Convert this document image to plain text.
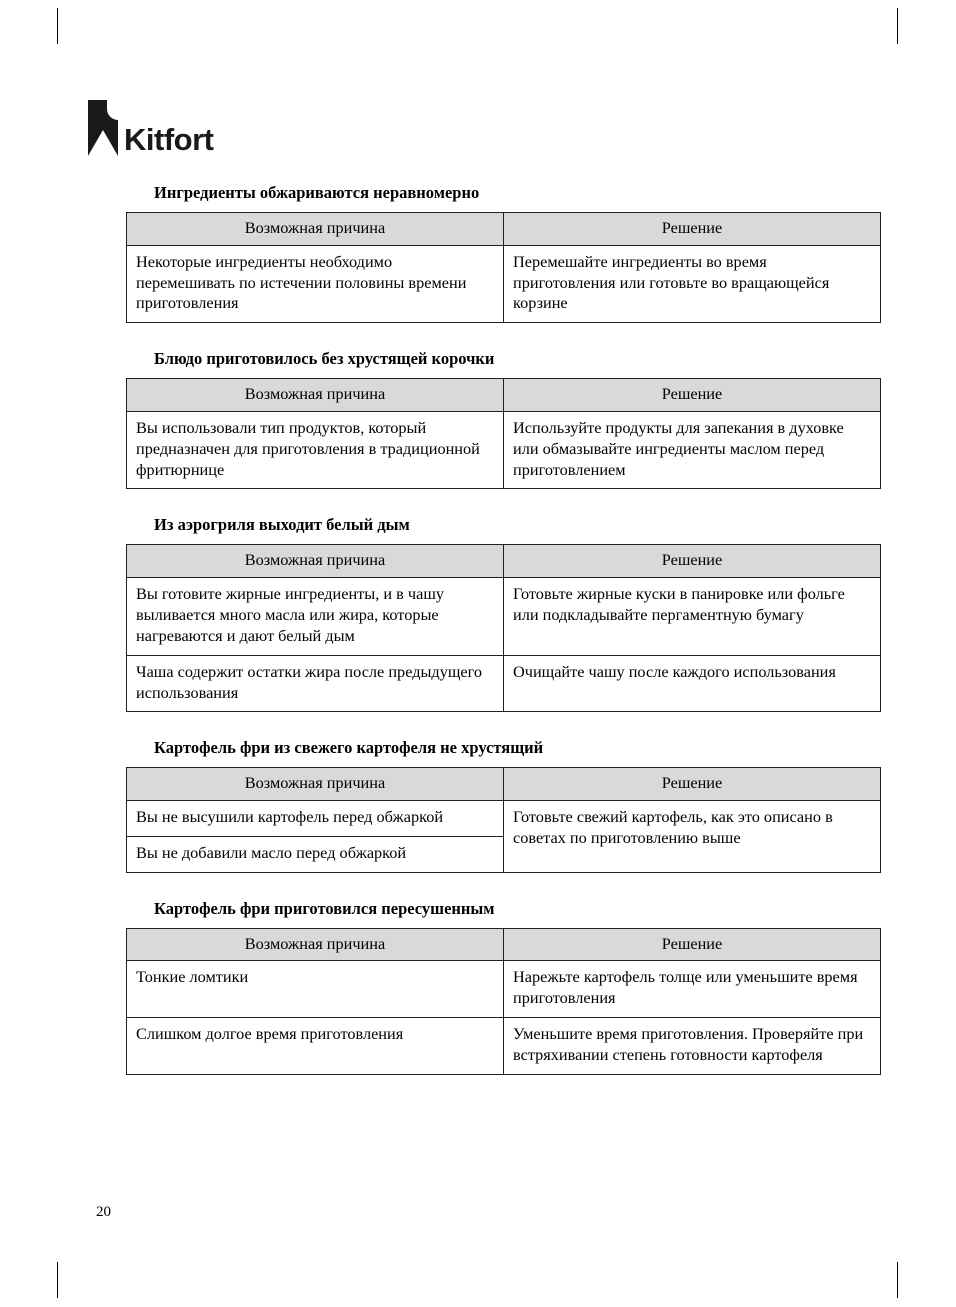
Kitfort
Ингредиенты обжариваются неравномерно
Возможная причина	Решение
Некоторые ингредиенты необходимо перемешивать по истечении половины времени приготовления	Перемешайте ингредиенты во время приготовления или готовьте во вращающейся корзине
Блюдо приготовилось без хрустящей корочки
Возможная причина	Решение
Вы использовали тип продуктов, который предназначен для приготовления в традиционной фритюрнице	Используйте продукты для запекания в духовке или обмазывайте ингредиенты маслом перед приготовлением
Из аэрогриля выходит белый дым
Возможная причина	Решение
Вы готовите жирные ингредиенты, и в чашу выливается много масла или жира, которые нагреваются и дают белый дым	Готовьте жирные куски в панировке или фольге или подкладывайте пергаментную бумагу
Чаша содержит остатки жира после предыдущего использования	Очищайте чашу после каждого использования
Картофель фри из свежего картофеля не хрустящий
Возможная причина	Решение
Вы не высушили картофель перед обжаркой	Готовьте свежий картофель, как это описано в советах по приготовлению выше
Вы не добавили масло перед обжаркой	
Картофель фри приготовился пересушенным
Возможная причина	Решение
Тонкие ломтики	Нарежьте картофель толще или уменьшите время приготовления
Слишком долгое время приготовления	Уменьшите время приготовления. Проверяйте при встряхивании степень готовности картофеля
20
